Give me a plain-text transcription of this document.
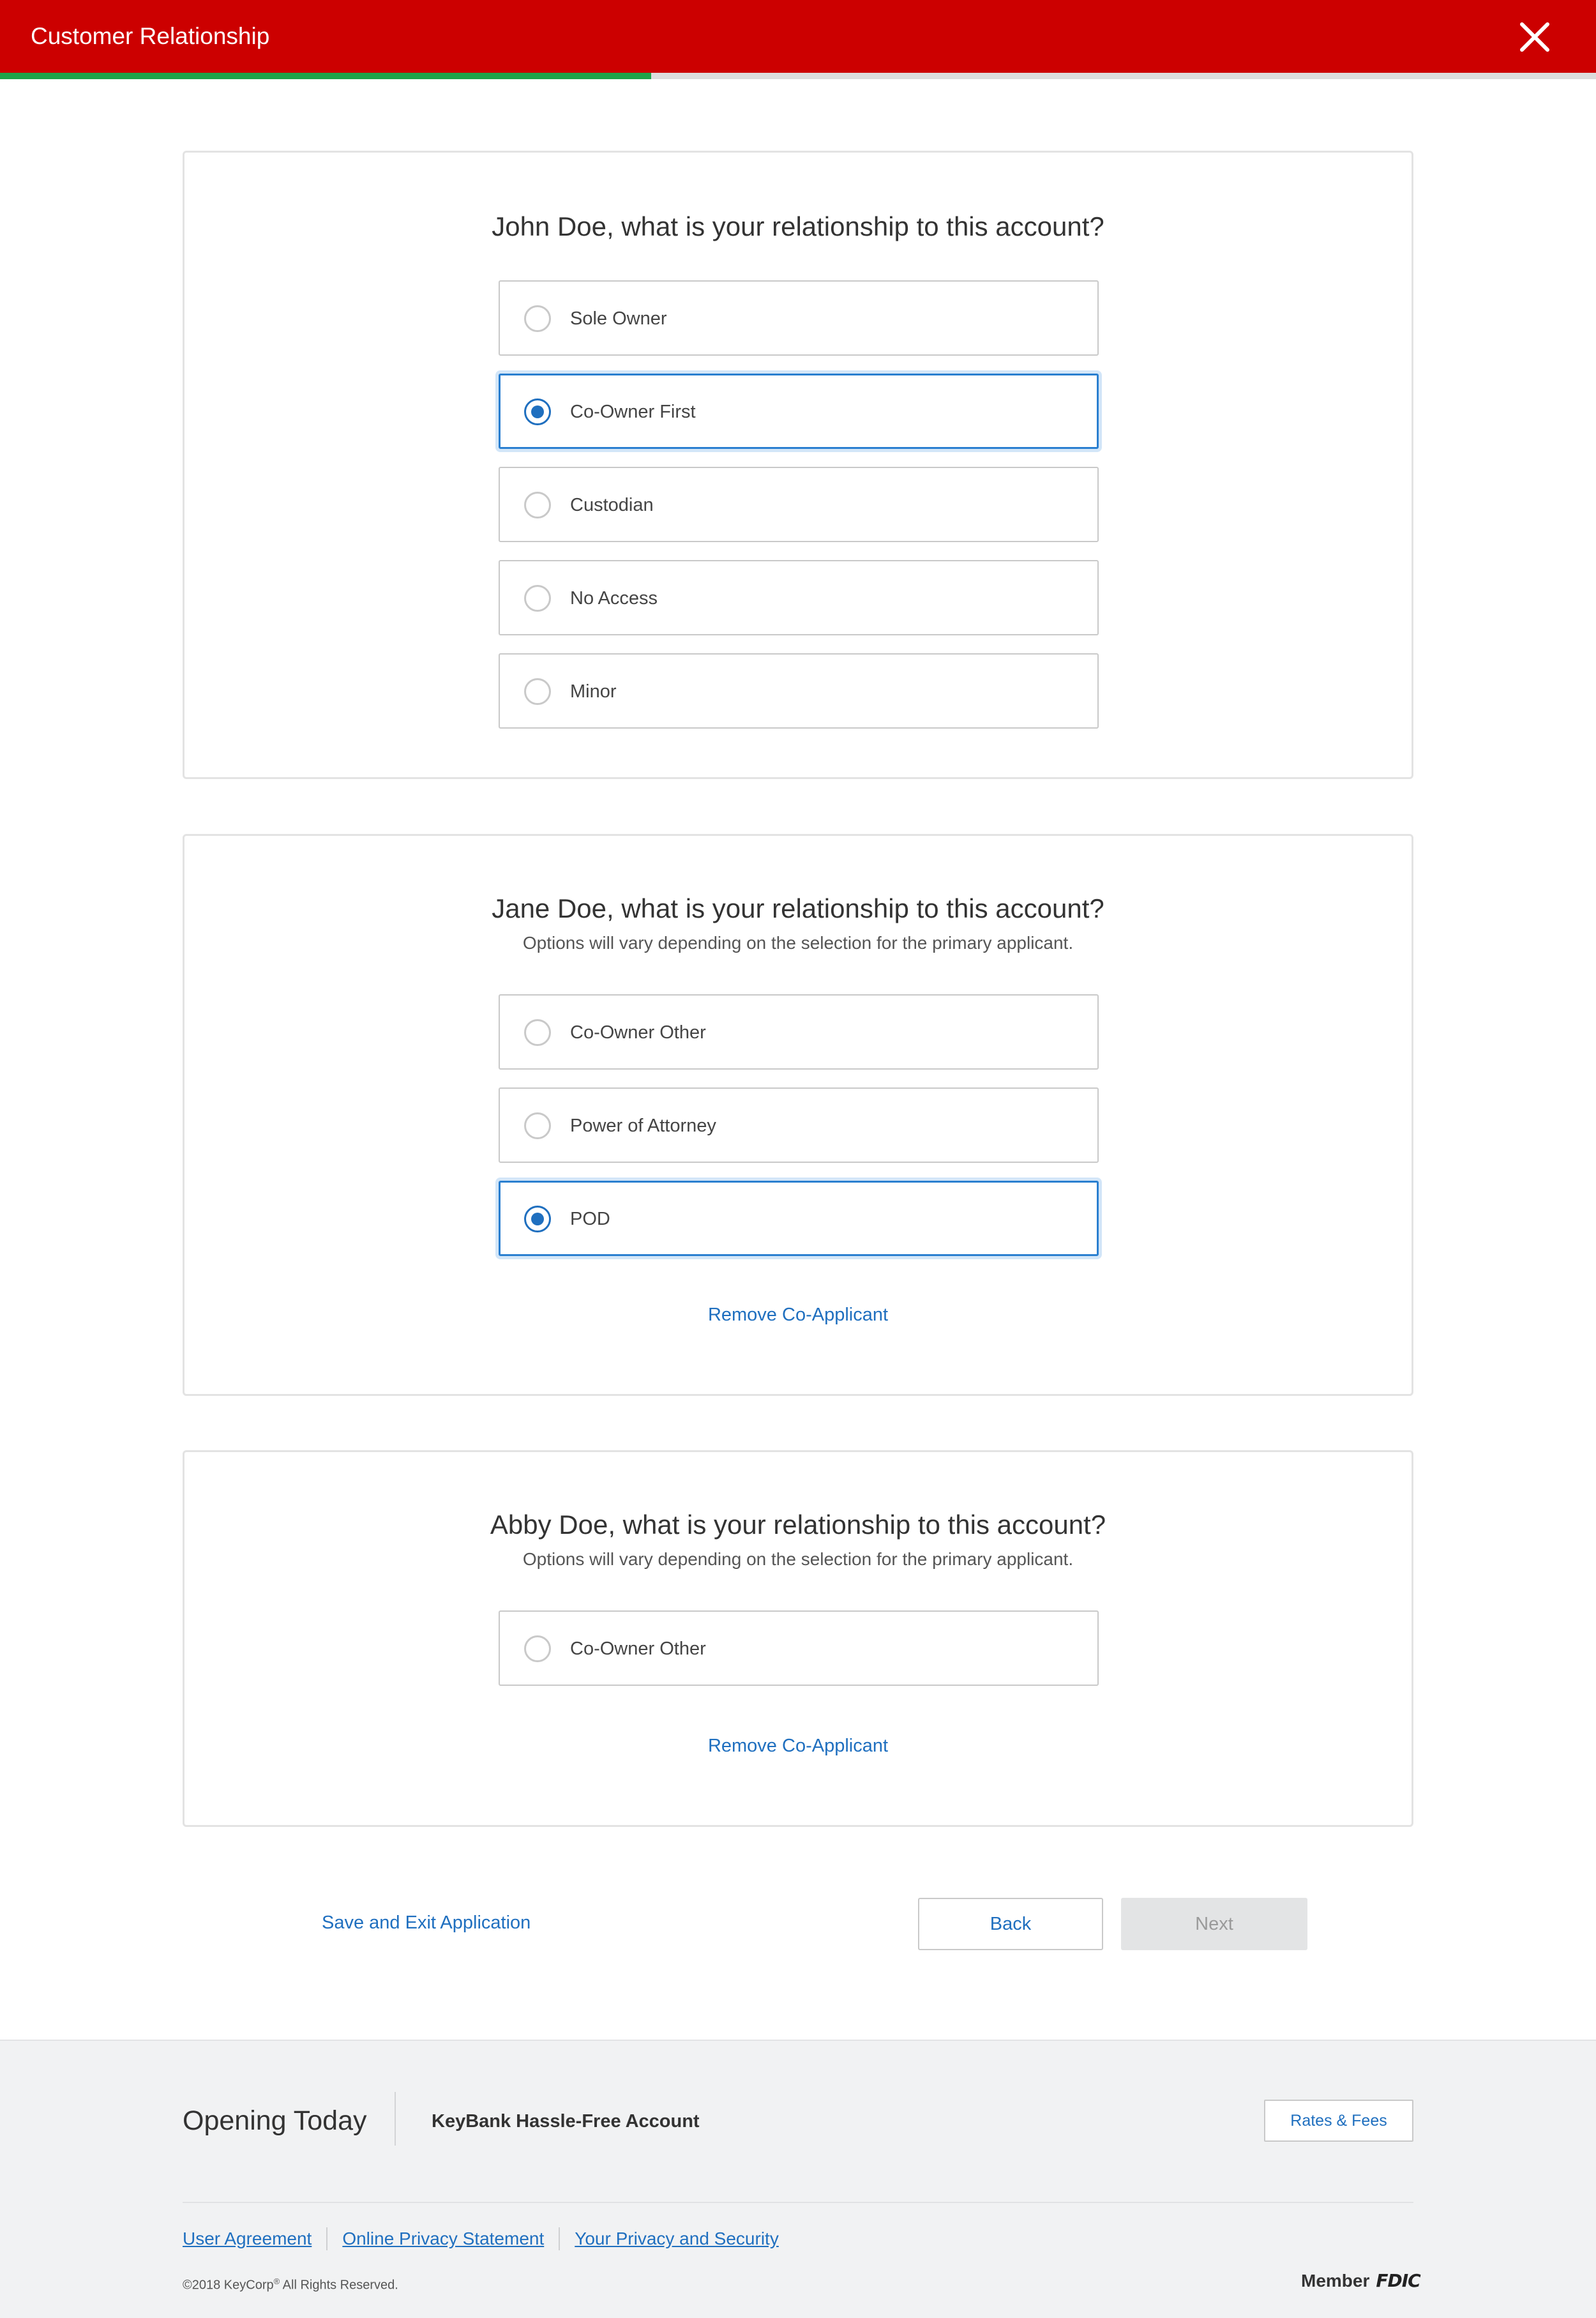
Customer Relationship
John Doe, what is your relationship to this account?
Sole Owner
Co-Owner First
Custodian
No Access
Minor
Jane Doe, what is your relationship to this account?
Options will vary depending on the selection for the primary applicant.
Co-Owner Other
Power of Attorney
POD
Remove Co-Applicant
Abby Doe, what is your relationship to this account?
Options will vary depending on the selection for the primary applicant.
Co-Owner Other
Remove Co-Applicant
Save and Exit Application	Back	Next
Opening Today	KeyBank Hassle-Free Account	Rates & Fees
User Agreement Online Privacy Statement Your Privacy and Security
©2018 KeyCorp® All Rights Reserved.	Member FDIC
